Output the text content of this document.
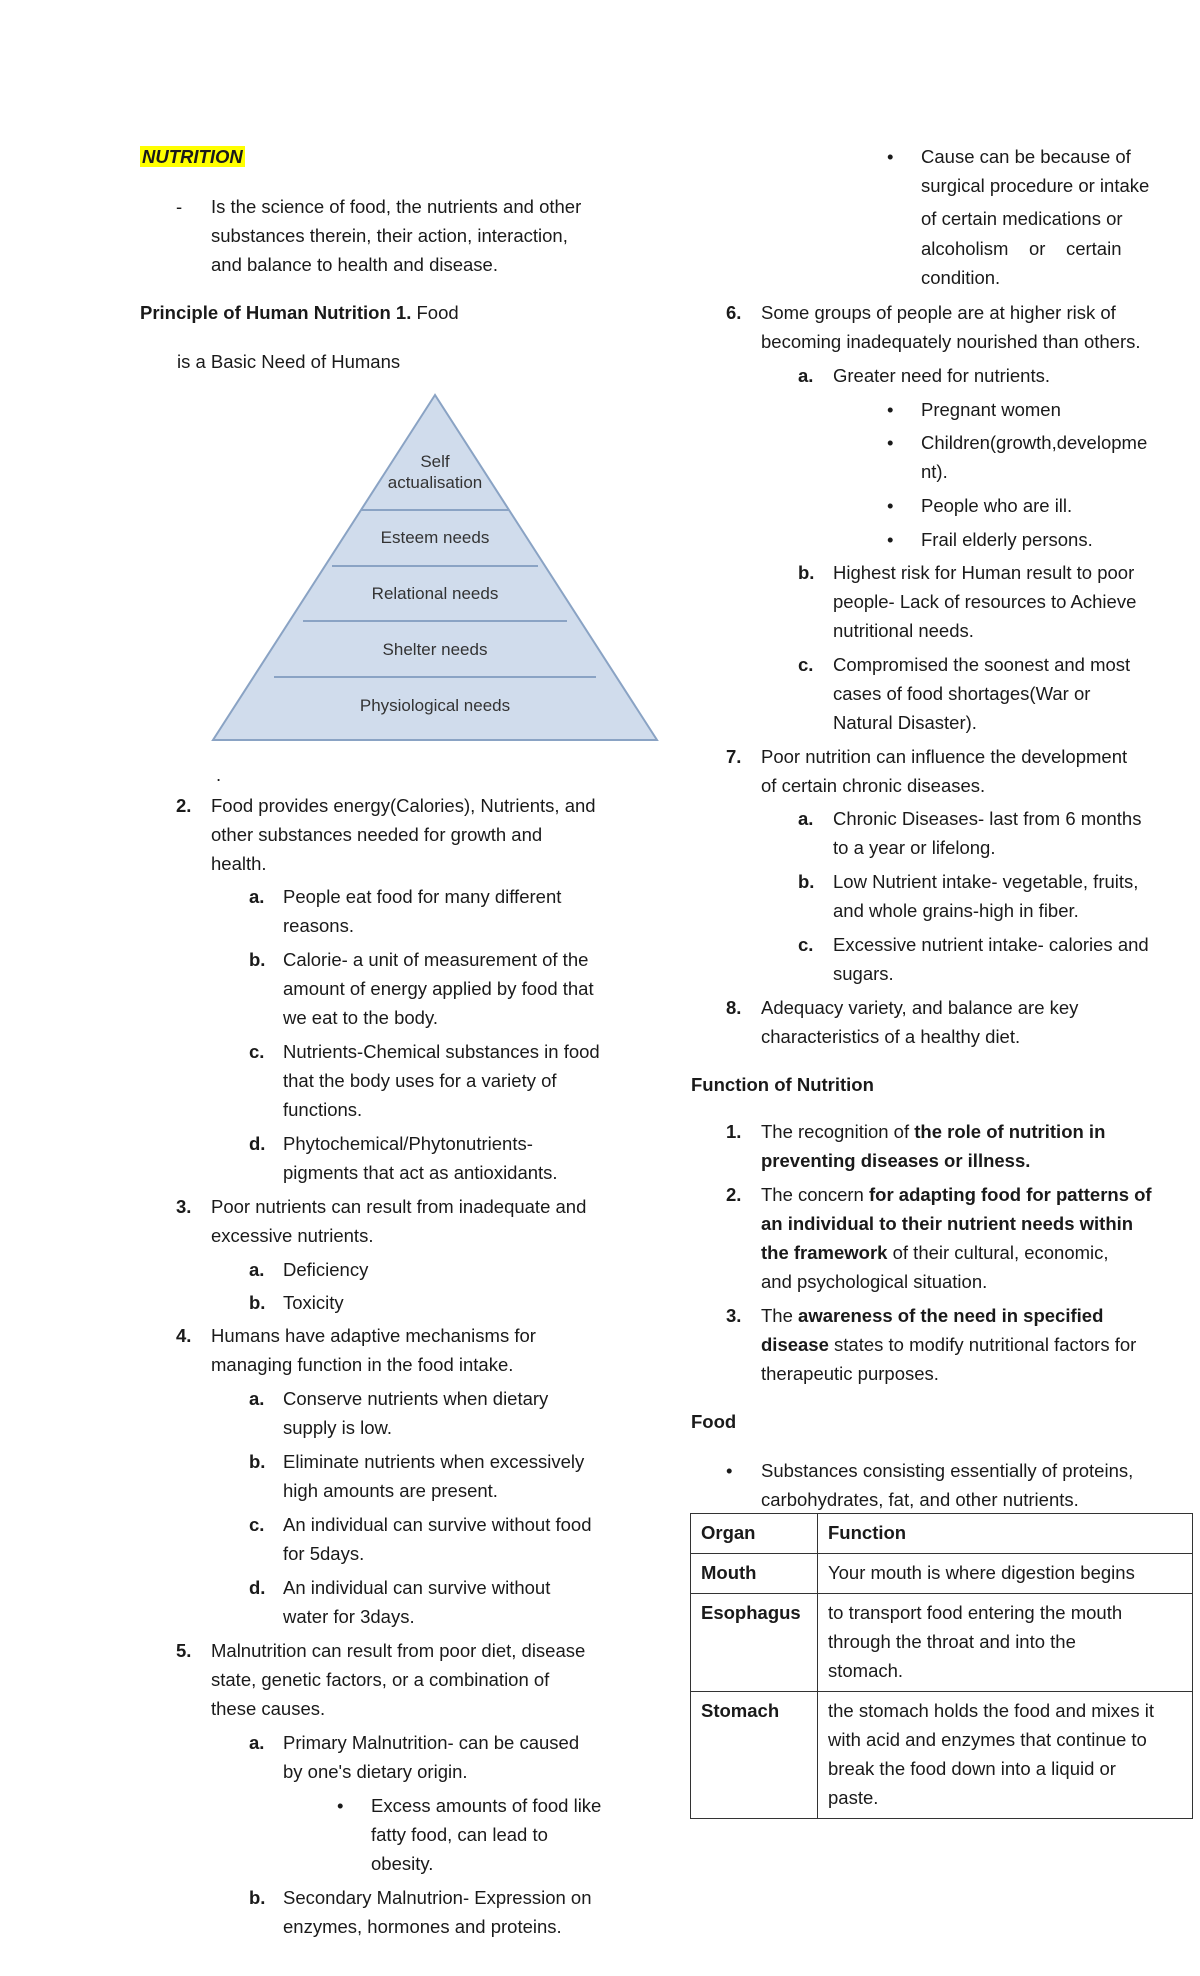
NUTRITION
- Is the science of food, the nutrients and other
substances therein, their action, interaction,
and balance to health and disease.
Principle of Human Nutrition 1. Food
is a Basic Need of Humans
Self
actualisation
Esteem needs
Relational needs
Shelter needs
Physiological needs
.
2. Food provides energy(Calories), Nutrients, and
other substances needed for growth and
health.
a. People eat food for many different
reasons.
b. Calorie- a unit of measurement of the
amount of energy applied by food that
we eat to the body.
c. Nutrients-Chemical substances in food
that the body uses for a variety of
functions.
d. Phytochemical/Phytonutrients-
pigments that act as antioxidants.
3. Poor nutrients can result from inadequate and
excessive nutrients.
a. Deficiency
b. Toxicity
4. Humans have adaptive mechanisms for
managing function in the food intake.
a. Conserve nutrients when dietary
supply is low.
b. Eliminate nutrients when excessively
high amounts are present.
c. An individual can survive without food
for 5days.
d. An individual can survive without
water for 3days.
5. Malnutrition can result from poor diet, disease
state, genetic factors, or a combination of
these causes.
a. Primary Malnutrition- can be caused
by one's dietary origin.
• Excess amounts of food like
fatty food, can lead to
obesity.
b. Secondary Malnutrion- Expression on
enzymes, hormones and proteins.
• Cause can be because of
surgical procedure or intake
of certain medications or
alcoholism    or    certain
condition.
6. Some groups of people are at higher risk of
becoming inadequately nourished than others.
a. Greater need for nutrients.
• Pregnant women
• Children(growth,developme
nt).
• People who are ill.
• Frail elderly persons.
b. Highest risk for Human result to poor
people- Lack of resources to Achieve
nutritional needs.
c. Compromised the soonest and most
cases of food shortages(War or
Natural Disaster).
7. Poor nutrition can influence the development
of certain chronic diseases.
a. Chronic Diseases- last from 6 months
to a year or lifelong.
b. Low Nutrient intake- vegetable, fruits,
and whole grains-high in fiber.
c. Excessive nutrient intake- calories and
sugars.
8. Adequacy variety, and balance are key
characteristics of a healthy diet.
Function of Nutrition
1. The recognition of the role of nutrition in
preventing diseases or illness.
2. The concern for adapting food for patterns of
an individual to their nutrient needs within
the framework of their cultural, economic,
and psychological situation.
3. The awareness of the need in specified
disease states to modify nutritional factors for
therapeutic purposes.
Food
• Substances consisting essentially of proteins,
carbohydrates, fat, and other nutrients.
Organ	Function
Mouth	Your mouth is where digestion begins

Esophagus	to transport food entering the mouth
through the throat and into the
stomach.

Stomach	the stomach holds the food and mixes it
with acid and enzymes that continue to
break the food down into a liquid or
paste.
